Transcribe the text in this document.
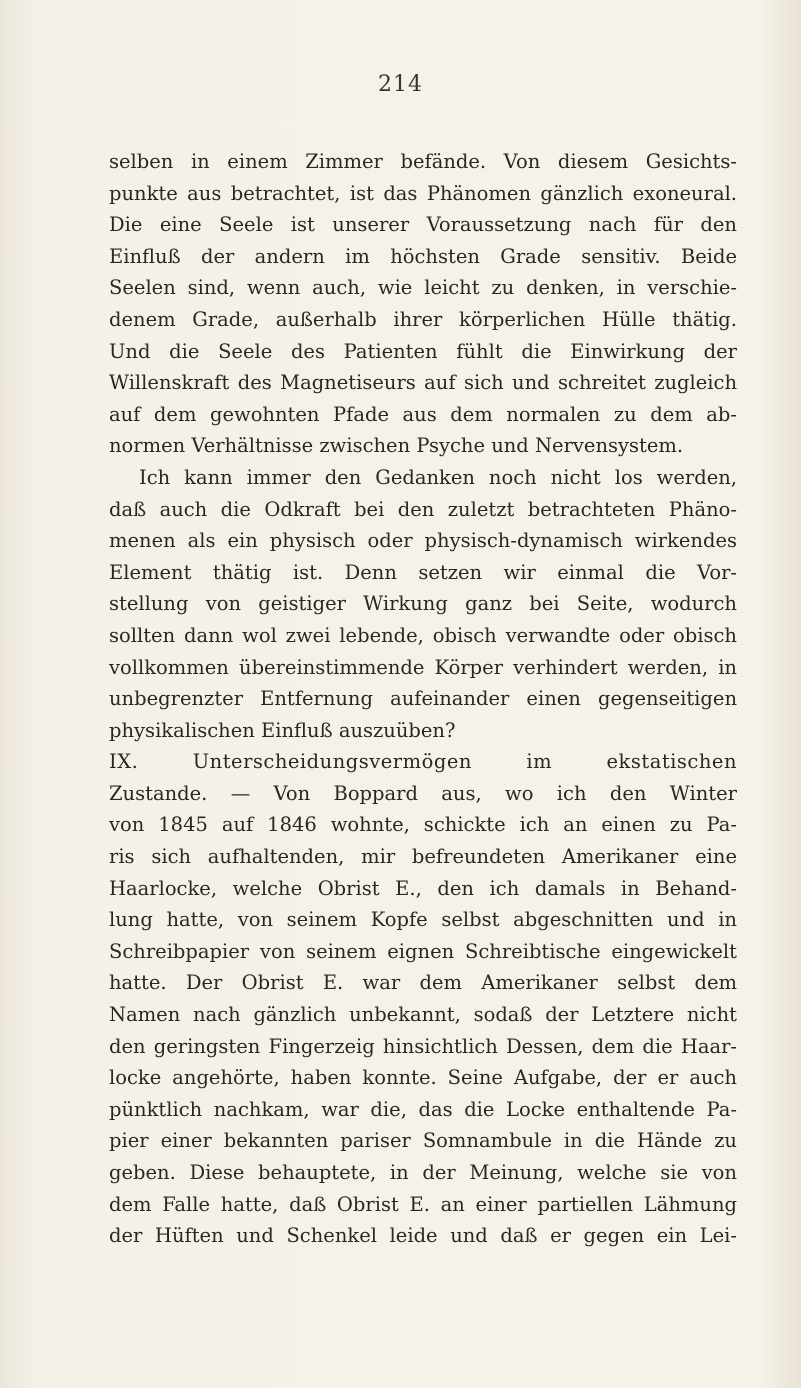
214
selben in einem Zimmer befände. Von diesem Gesichts-
punkte aus betrachtet, ist das Phänomen gänzlich exoneural.
Die eine Seele ist unserer Voraussetzung nach für den
Einfluß der andern im höchsten Grade sensitiv. Beide
Seelen sind, wenn auch, wie leicht zu denken, in verschie-
denem Grade, außerhalb ihrer körperlichen Hülle thätig.
Und die Seele des Patienten fühlt die Einwirkung der
Willenskraft des Magnetiseurs auf sich und schreitet zugleich
auf dem gewohnten Pfade aus dem normalen zu dem ab-
normen Verhältnisse zwischen Psyche und Nervensystem.
Ich kann immer den Gedanken noch nicht los werden,
daß auch die Odkraft bei den zuletzt betrachteten Phäno-
menen als ein physisch oder physisch-dynamisch wirkendes
Element thätig ist. Denn setzen wir einmal die Vor-
stellung von geistiger Wirkung ganz bei Seite, wodurch
sollten dann wol zwei lebende, obisch verwandte oder obisch
vollkommen übereinstimmende Körper verhindert werden, in
unbegrenzter Entfernung aufeinander einen gegenseitigen
physikalischen Einfluß auszuüben?
IX. Unterscheidungsvermögen im ekstatischen
Zustande. — Von Boppard aus, wo ich den Winter
von 1845 auf 1846 wohnte, schickte ich an einen zu Pa-
ris sich aufhaltenden, mir befreundeten Amerikaner eine
Haarlocke, welche Obrist E., den ich damals in Behand-
lung hatte, von seinem Kopfe selbst abgeschnitten und in
Schreibpapier von seinem eignen Schreibtische eingewickelt
hatte. Der Obrist E. war dem Amerikaner selbst dem
Namen nach gänzlich unbekannt, sodaß der Letztere nicht
den geringsten Fingerzeig hinsichtlich Dessen, dem die Haar-
locke angehörte, haben konnte. Seine Aufgabe, der er auch
pünktlich nachkam, war die, das die Locke enthaltende Pa-
pier einer bekannten pariser Somnambule in die Hände zu
geben. Diese behauptete, in der Meinung, welche sie von
dem Falle hatte, daß Obrist E. an einer partiellen Lähmung
der Hüften und Schenkel leide und daß er gegen ein Lei-
